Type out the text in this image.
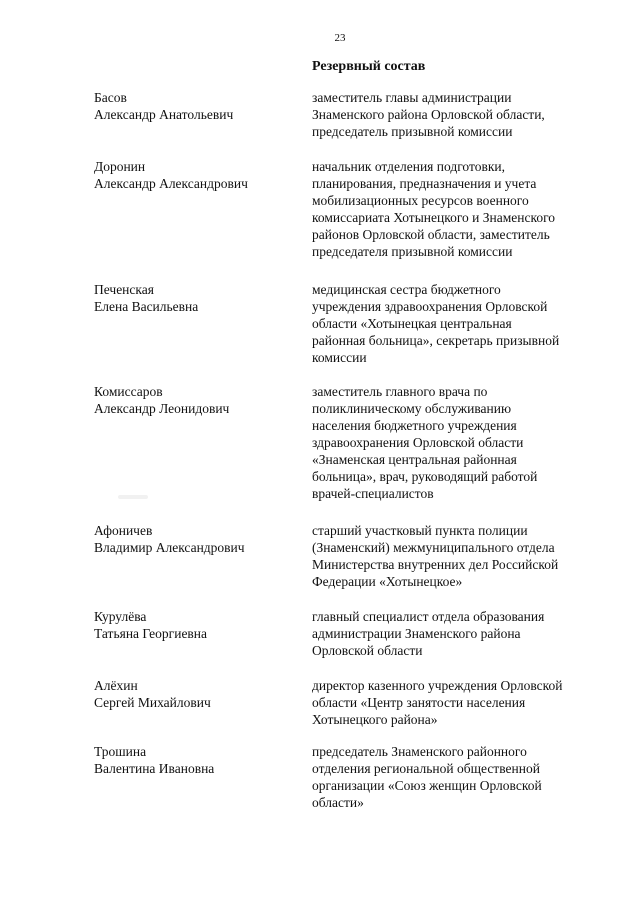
23
Резервный состав
Басов
Александр Анатольевич
заместитель главы администрации
Знаменского района Орловской области,
председатель призывной комиссии
Доронин
Александр Александрович
начальник отделения подготовки,
планирования, предназначения и учета
мобилизационных ресурсов военного
комиссариата Хотынецкого и Знаменского
районов Орловской области, заместитель
председателя призывной комиссии
Печенская
Елена Васильевна
медицинская сестра бюджетного
учреждения здравоохранения Орловской
области «Хотынецкая центральная
районная больница», секретарь призывной
комиссии
Комиссаров
Александр Леонидович
заместитель главного врача по
поликлиническому обслуживанию
населения бюджетного учреждения
здравоохранения Орловской области
«Знаменская центральная районная
больница», врач, руководящий работой
врачей-специалистов
Афоничев
Владимир Александрович
старший участковый пункта полиции
(Знаменский) межмуниципального отдела
Министерства внутренних дел Российской
Федерации «Хотынецкое»
Курулёва
Татьяна Георгиевна
главный специалист отдела образования
администрации Знаменского района
Орловской области
Алёхин
Сергей Михайлович
директор казенного учреждения Орловской
области «Центр занятости населения
Хотынецкого района»
Трошина
Валентина Ивановна
председатель Знаменского районного
отделения региональной общественной
организации «Союз женщин Орловской
области»
